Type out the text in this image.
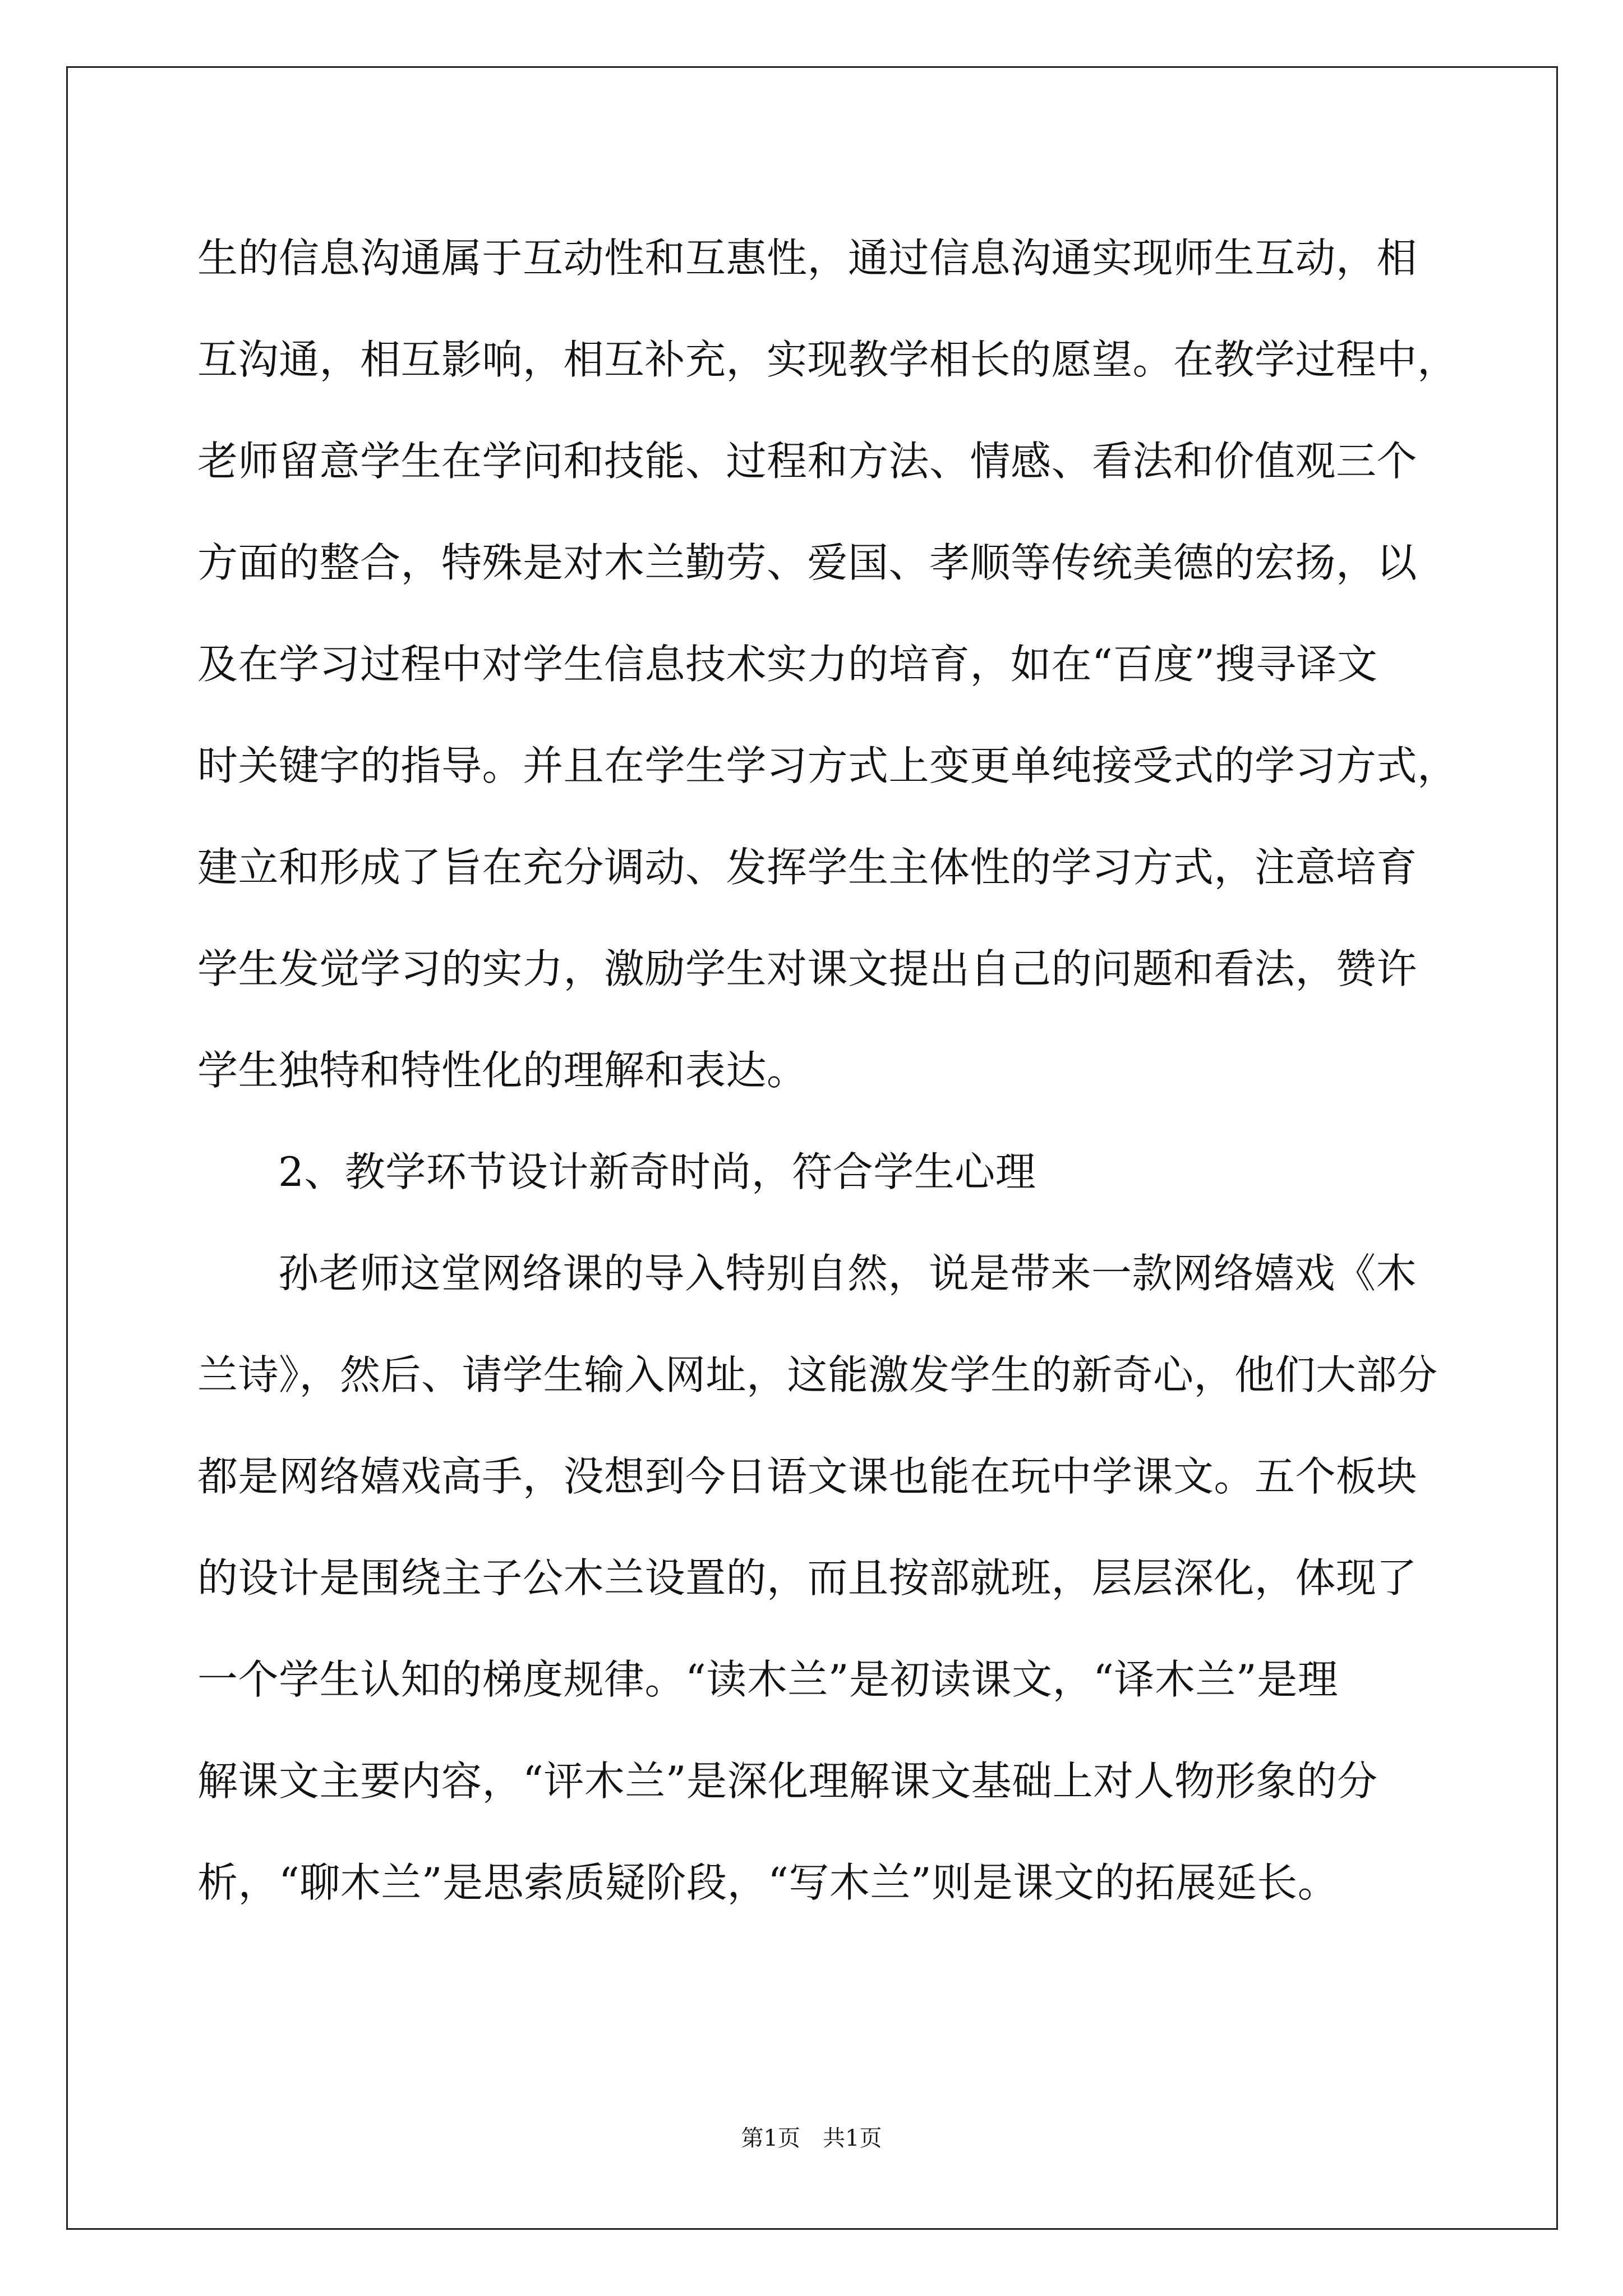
生的信息沟通属于互动性和互惠性，通过信息沟通实现师生互动，相
互沟通，相互影响，相互补充，实现教学相长的愿望。在教学过程中，
老师留意学生在学问和技能、过程和方法、情感、看法和价值观三个
方面的整合，特殊是对木兰勤劳、爱国、孝顺等传统美德的宏扬，以
及在学习过程中对学生信息技术实力的培育，如在“百度”搜寻译文
时关键字的指导。并且在学生学习方式上变更单纯接受式的学习方式，
建立和形成了旨在充分调动、发挥学生主体性的学习方式，注意培育
学生发觉学习的实力，激励学生对课文提出自己的问题和看法，赞许
学生独特和特性化的理解和表达。
2、教学环节设计新奇时尚，符合学生心理
孙老师这堂网络课的导入特别自然，说是带来一款网络嬉戏《木
兰诗》，然后、请学生输入网址，这能激发学生的新奇心，他们大部分
都是网络嬉戏高手，没想到今日语文课也能在玩中学课文。五个板块
的设计是围绕主子公木兰设置的，而且按部就班，层层深化，体现了
一个学生认知的梯度规律。“读木兰”是初读课文，“译木兰”是理
解课文主要内容，“评木兰”是深化理解课文基础上对人物形象的分
析，“聊木兰”是思索质疑阶段，“写木兰”则是课文的拓展延长。
第1页　共1页
